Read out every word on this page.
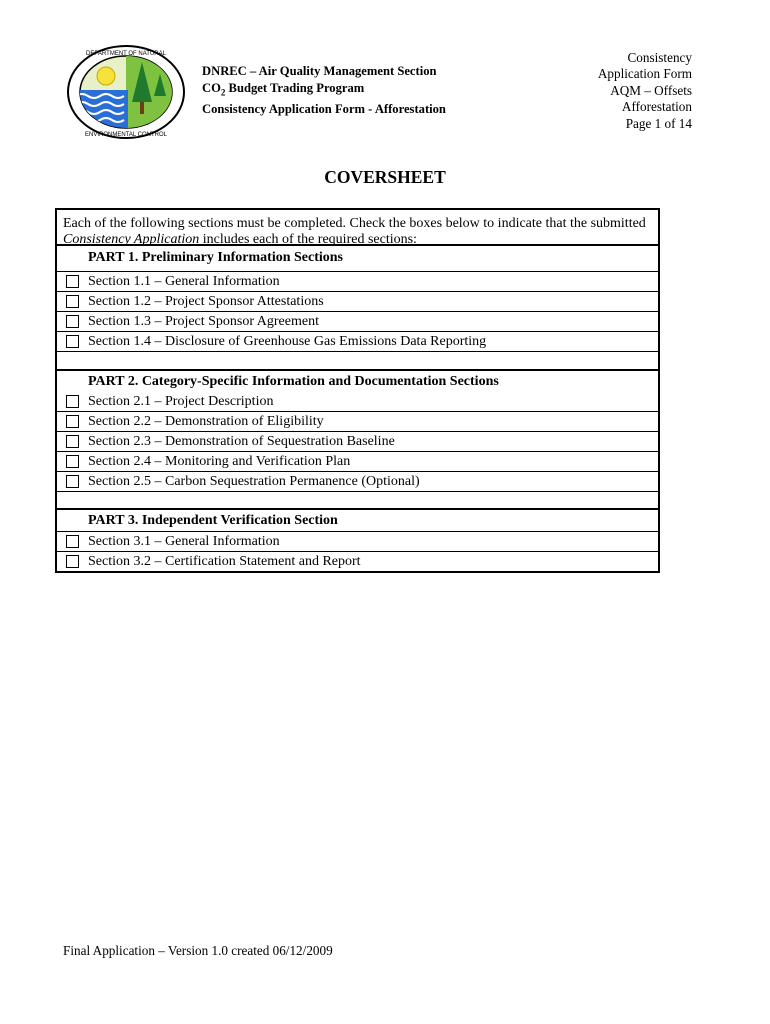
DEPARTMENT OF NATURAL
ENVIRONMENTAL CONTROL
DNREC – Air Quality Management Section
$CO_2$ Budget Trading Program
Consistency Application Form - Afforestation
Consistency
Application Form
AQM – Offsets
Afforestation
Page 1 of 14
COVERSHEET
Each of the following sections must be completed. Check the boxes below to indicate that the submitted Consistency Application includes each of the required sections:
PART 1. Preliminary Information Sections
Section 1.1 – General Information
Section 1.2 – Project Sponsor Attestations
Section 1.3 – Project Sponsor Agreement
Section 1.4 – Disclosure of Greenhouse Gas Emissions Data Reporting
PART 2. Category-Specific Information and Documentation Sections
Section 2.1 – Project Description
Section 2.2 – Demonstration of Eligibility
Section 2.3 – Demonstration of Sequestration Baseline
Section 2.4 – Monitoring and Verification Plan
Section 2.5 – Carbon Sequestration Permanence (Optional)
PART 3. Independent Verification Section
Section 3.1 – General Information
Section 3.2 – Certification Statement and Report
Final Application – Version 1.0 created 06/12/2009
